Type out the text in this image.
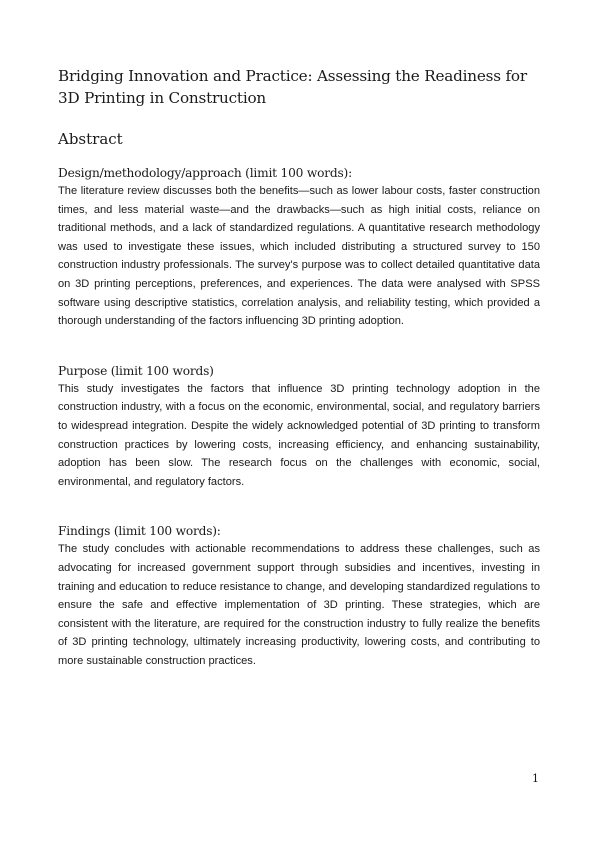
Bridging Innovation and Practice: Assessing the Readiness for 3D Printing in Construction
Abstract
Design/methodology/approach (limit 100 words):

The literature review discusses both the benefits—such as lower labour costs, faster construction times, and less material waste—and the drawbacks—such as high initial costs, reliance on traditional methods, and a lack of standardized regulations. A quantitative research methodology was used to investigate these issues, which included distributing a structured survey to 150 construction industry professionals. The survey's purpose was to collect detailed quantitative data on 3D printing perceptions, preferences, and experiences. The data were analysed with SPSS software using descriptive statistics, correlation analysis, and reliability testing, which provided a thorough understanding of the factors influencing 3D printing adoption.

Purpose (limit 100 words)

This study investigates the factors that influence 3D printing technology adoption in the construction industry, with a focus on the economic, environmental, social, and regulatory barriers to widespread integration. Despite the widely acknowledged potential of 3D printing to transform construction practices by lowering costs, increasing efficiency, and enhancing sustainability, adoption has been slow. The research focus on the challenges with economic, social, environmental, and regulatory factors.

Findings (limit 100 words):

The study concludes with actionable recommendations to address these challenges, such as advocating for increased government support through subsidies and incentives, investing in training and education to reduce resistance to change, and developing standardized regulations to ensure the safe and effective implementation of 3D printing. These strategies, which are consistent with the literature, are required for the construction industry to fully realize the benefits of 3D printing technology, ultimately increasing productivity, lowering costs, and contributing to more sustainable construction practices.

1
